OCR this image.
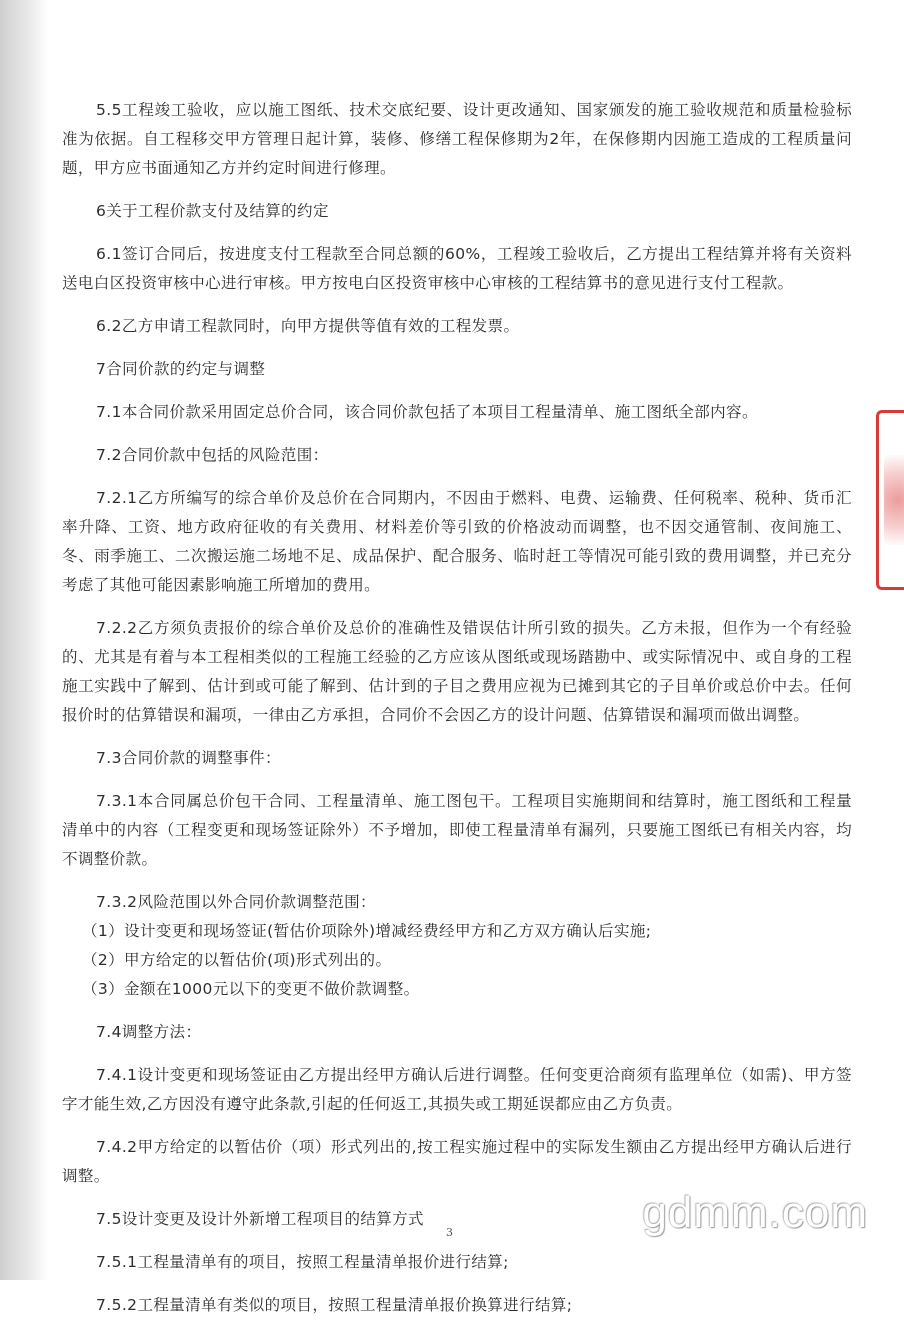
5.5工程竣工验收，应以施工图纸、技术交底纪要、设计更改通知、国家颁发的施工验收规范和质量检验标准为依据。自工程移交甲方管理日起计算，装修、修缮工程保修期为2年，在保修期内因施工造成的工程质量问题，甲方应书面通知乙方并约定时间进行修理。

6关于工程价款支付及结算的约定

6.1签订合同后，按进度支付工程款至合同总额的60%，工程竣工验收后，乙方提出工程结算并将有关资料送电白区投资审核中心进行审核。甲方按电白区投资审核中心审核的工程结算书的意见进行支付工程款。

6.2乙方申请工程款同时，向甲方提供等值有效的工程发票。

7合同价款的约定与调整

7.1本合同价款采用固定总价合同，该合同价款包括了本项目工程量清单、施工图纸全部内容。

7.2合同价款中包括的风险范围：

7.2.1乙方所编写的综合单价及总价在合同期内，不因由于燃料、电费、运输费、任何税率、税种、货币汇率升降、工资、地方政府征收的有关费用、材料差价等引致的价格波动而调整，也不因交通管制、夜间施工、冬、雨季施工、二次搬运施二场地不足、成品保护、配合服务、临时赶工等情况可能引致的费用调整，并已充分考虑了其他可能因素影响施工所增加的费用。

7.2.2乙方须负责报价的综合单价及总价的准确性及错误估计所引致的损失。乙方未报，但作为一个有经验的、尤其是有着与本工程相类似的工程施工经验的乙方应该从图纸或现场踏勘中、或实际情况中、或自身的工程施工实践中了解到、估计到或可能了解到、估计到的子目之费用应视为已摊到其它的子目单价或总价中去。任何报价时的估算错误和漏项，一律由乙方承担，合同价不会因乙方的设计问题、估算错误和漏项而做出调整。

7.3合同价款的调整事件：

7.3.1本合同属总价包干合同、工程量清单、施工图包干。工程项目实施期间和结算时，施工图纸和工程量清单中的内容（工程变更和现场签证除外）不予增加，即使工程量清单有漏列，只要施工图纸已有相关内容，均不调整价款。

7.3.2风险范围以外合同价款调整范围：

（1）设计变更和现场签证(暂估价项除外)增减经费经甲方和乙方双方确认后实施;

（2）甲方给定的以暂估价(项)形式列出的。

（3）金额在1000元以下的变更不做价款调整。

7.4调整方法：

7.4.1设计变更和现场签证由乙方提出经甲方确认后进行调整。任何变更洽商须有监理单位（如需)、甲方签字才能生效,乙方因没有遵守此条款,引起的任何返工,其损失或工期延误都应由乙方负责。

7.4.2甲方给定的以暂估价（项）形式列出的,按工程实施过程中的实际发生额由乙方提出经甲方确认后进行调整。

7.5设计变更及设计外新增工程项目的结算方式

7.5.1工程量清单有的项目，按照工程量清单报价进行结算;

7.5.2工程量清单有类似的项目，按照工程量清单报价换算进行结算;

3	gdmm.com
